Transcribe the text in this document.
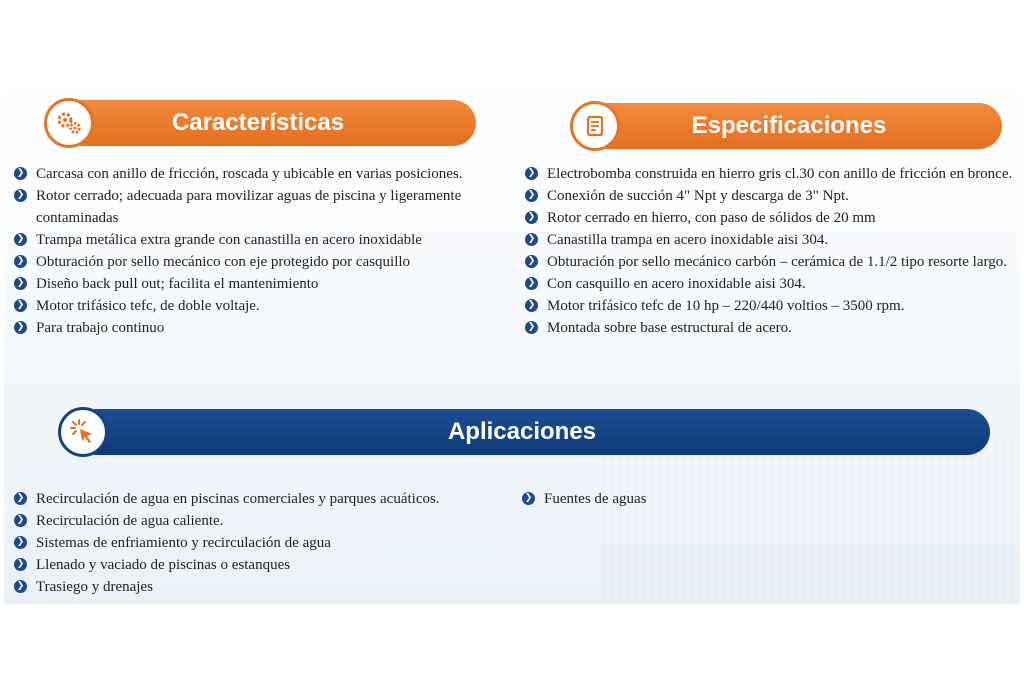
Características	Especificaciones
❯ Carcasa con anillo de fricción, roscada y ubicable en varias posiciones.
❯ Rotor cerrado; adecuada para movilizar aguas de piscina y ligeramente contaminadas
❯ Trampa metálica extra grande con canastilla en acero inoxidable
❯ Obturación por sello mecánico con eje protegido por casquillo
❯ Diseño back pull out; facilita el mantenimiento
❯ Motor trifásico tefc, de doble voltaje.
❯ Para trabajo continuo
❯ Electrobomba construida en hierro gris cl.30 con anillo de fricción en bronce.
❯ Conexión de succión 4" Npt y descarga de 3" Npt.
❯ Rotor cerrado en hierro, con paso de sólidos de 20 mm
❯ Canastilla trampa en acero inoxidable aisi 304.
❯ Obturación por sello mecánico carbón – cerámica de 1.1/2 tipo resorte largo.
❯ Con casquillo en acero inoxidable aisi 304.
❯ Motor trifásico tefc de 10 hp – 220/440 voltios – 3500 rpm.
❯ Montada sobre base estructural de acero.
Aplicaciones
❯ Recirculación de agua en piscinas comerciales y parques acuáticos.
❯ Recirculación de agua caliente.
❯ Sistemas de enfriamiento y recirculación de agua
❯ Llenado y vaciado de piscinas o estanques
❯ Trasiego y drenajes
❯ Fuentes de aguas
